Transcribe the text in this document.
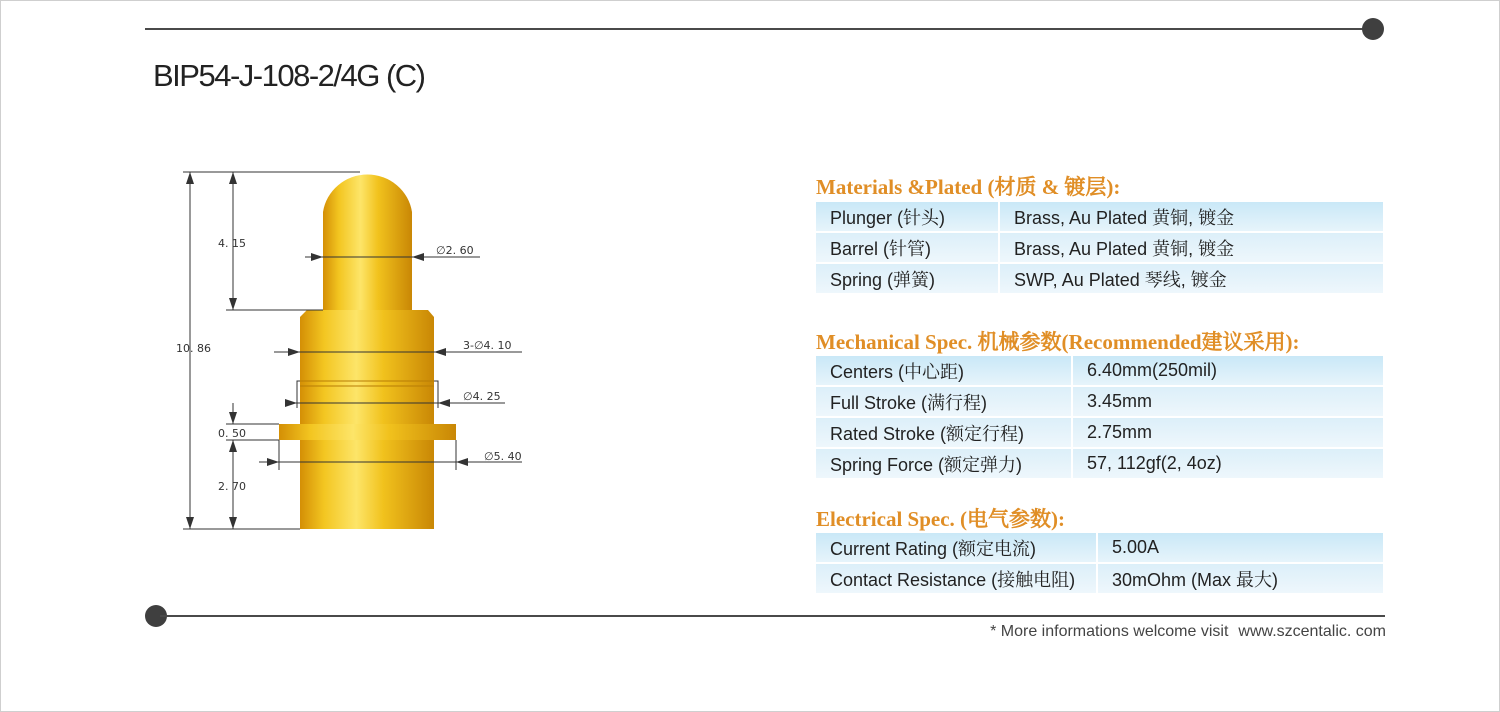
BIP54-J-108-2/4G (C)
10. 86
4. 15
∅2. 60
3-∅4. 10
∅4. 25
0. 50
∅5. 40
2. 70
Materials &Plated (材质 & 镀层):
Plunger (针头)	Brass, Au Plated 黄铜, 镀金
Barrel (针管)	Brass, Au Plated 黄铜, 镀金
Spring (弹簧)	SWP, Au Plated 琴线, 镀金
Mechanical Spec. 机械参数(Recommended建议采用):
Centers (中心距)	6.40mm(250mil)
Full Stroke (满行程)	3.45mm
Rated Stroke (额定行程)	2.75mm
Spring Force (额定弹力)	57, 112gf(2, 4oz)
Electrical Spec. (电气参数):
Current Rating (额定电流)	5.00A
Contact Resistance (接触电阻)	30mOhm (Max 最大)
* More informations welcome visit www.szcentalic. com
